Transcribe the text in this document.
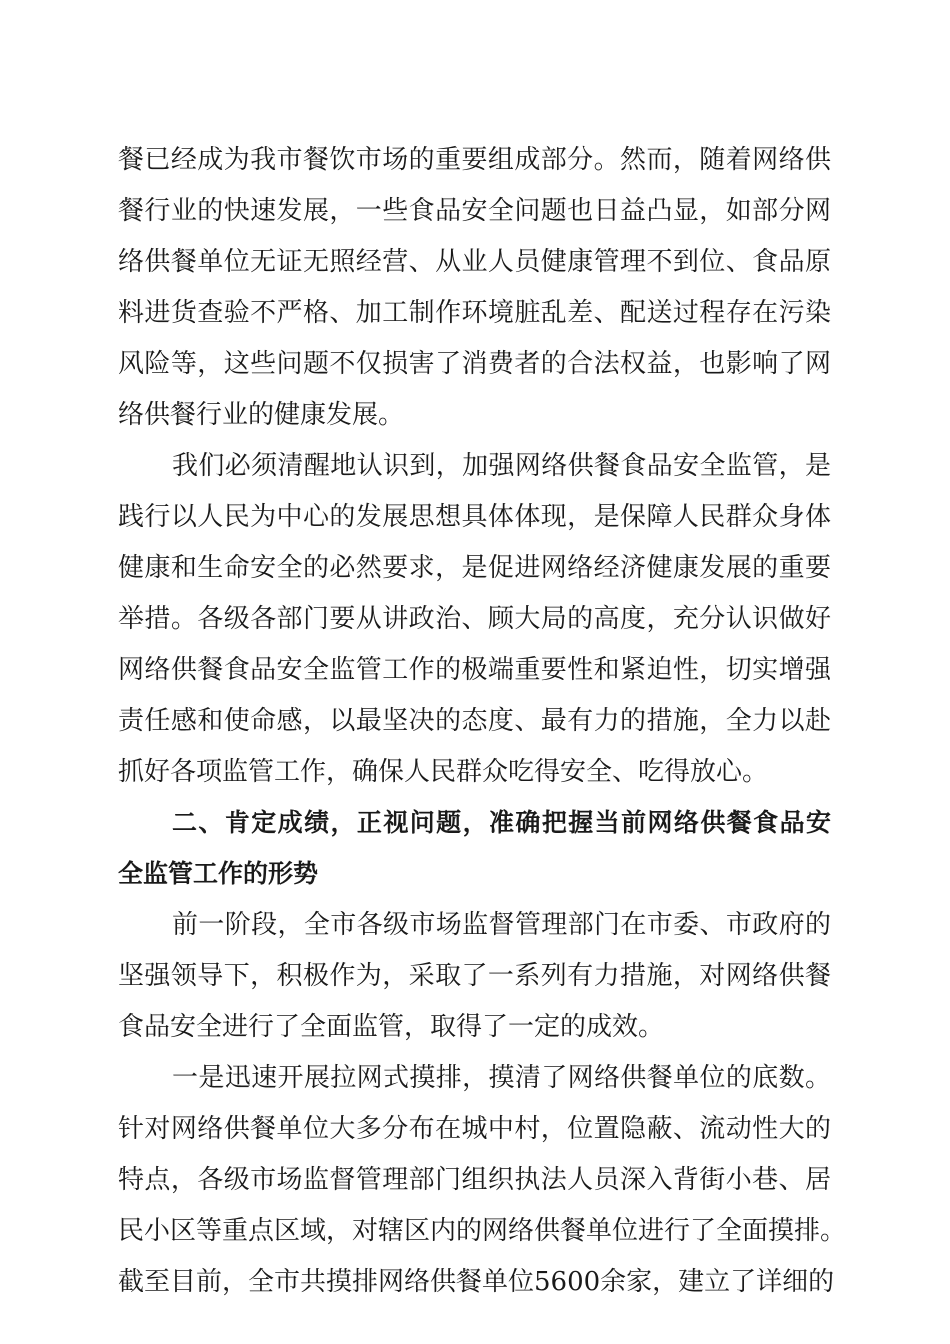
餐已经成为我市餐饮市场的重要组成部分。然而，随着网络供
餐行业的快速发展，一些食品安全问题也日益凸显，如部分网
络供餐单位无证无照经营、从业人员健康管理不到位、食品原
料进货查验不严格、加工制作环境脏乱差、配送过程存在污染
风险等，这些问题不仅损害了消费者的合法权益，也影响了网
络供餐行业的健康发展。
我们必须清醒地认识到，加强网络供餐食品安全监管，是
践行以人民为中心的发展思想具体体现，是保障人民群众身体
健康和生命安全的必然要求，是促进网络经济健康发展的重要
举措。各级各部门要从讲政治、顾大局的高度，充分认识做好
网络供餐食品安全监管工作的极端重要性和紧迫性，切实增强
责任感和使命感，以最坚决的态度、最有力的措施，全力以赴
抓好各项监管工作，确保人民群众吃得安全、吃得放心。
二、肯定成绩，正视问题，准确把握当前网络供餐食品安
全监管工作的形势
前一阶段，全市各级市场监督管理部门在市委、市政府的
坚强领导下，积极作为，采取了一系列有力措施，对网络供餐
食品安全进行了全面监管，取得了一定的成效。
一是迅速开展拉网式摸排，摸清了网络供餐单位的底数。
针对网络供餐单位大多分布在城中村，位置隐蔽、流动性大的
特点，各级市场监督管理部门组织执法人员深入背街小巷、居
民小区等重点区域，对辖区内的网络供餐单位进行了全面摸排。
截至目前，全市共摸排网络供餐单位5600余家，建立了详细的
